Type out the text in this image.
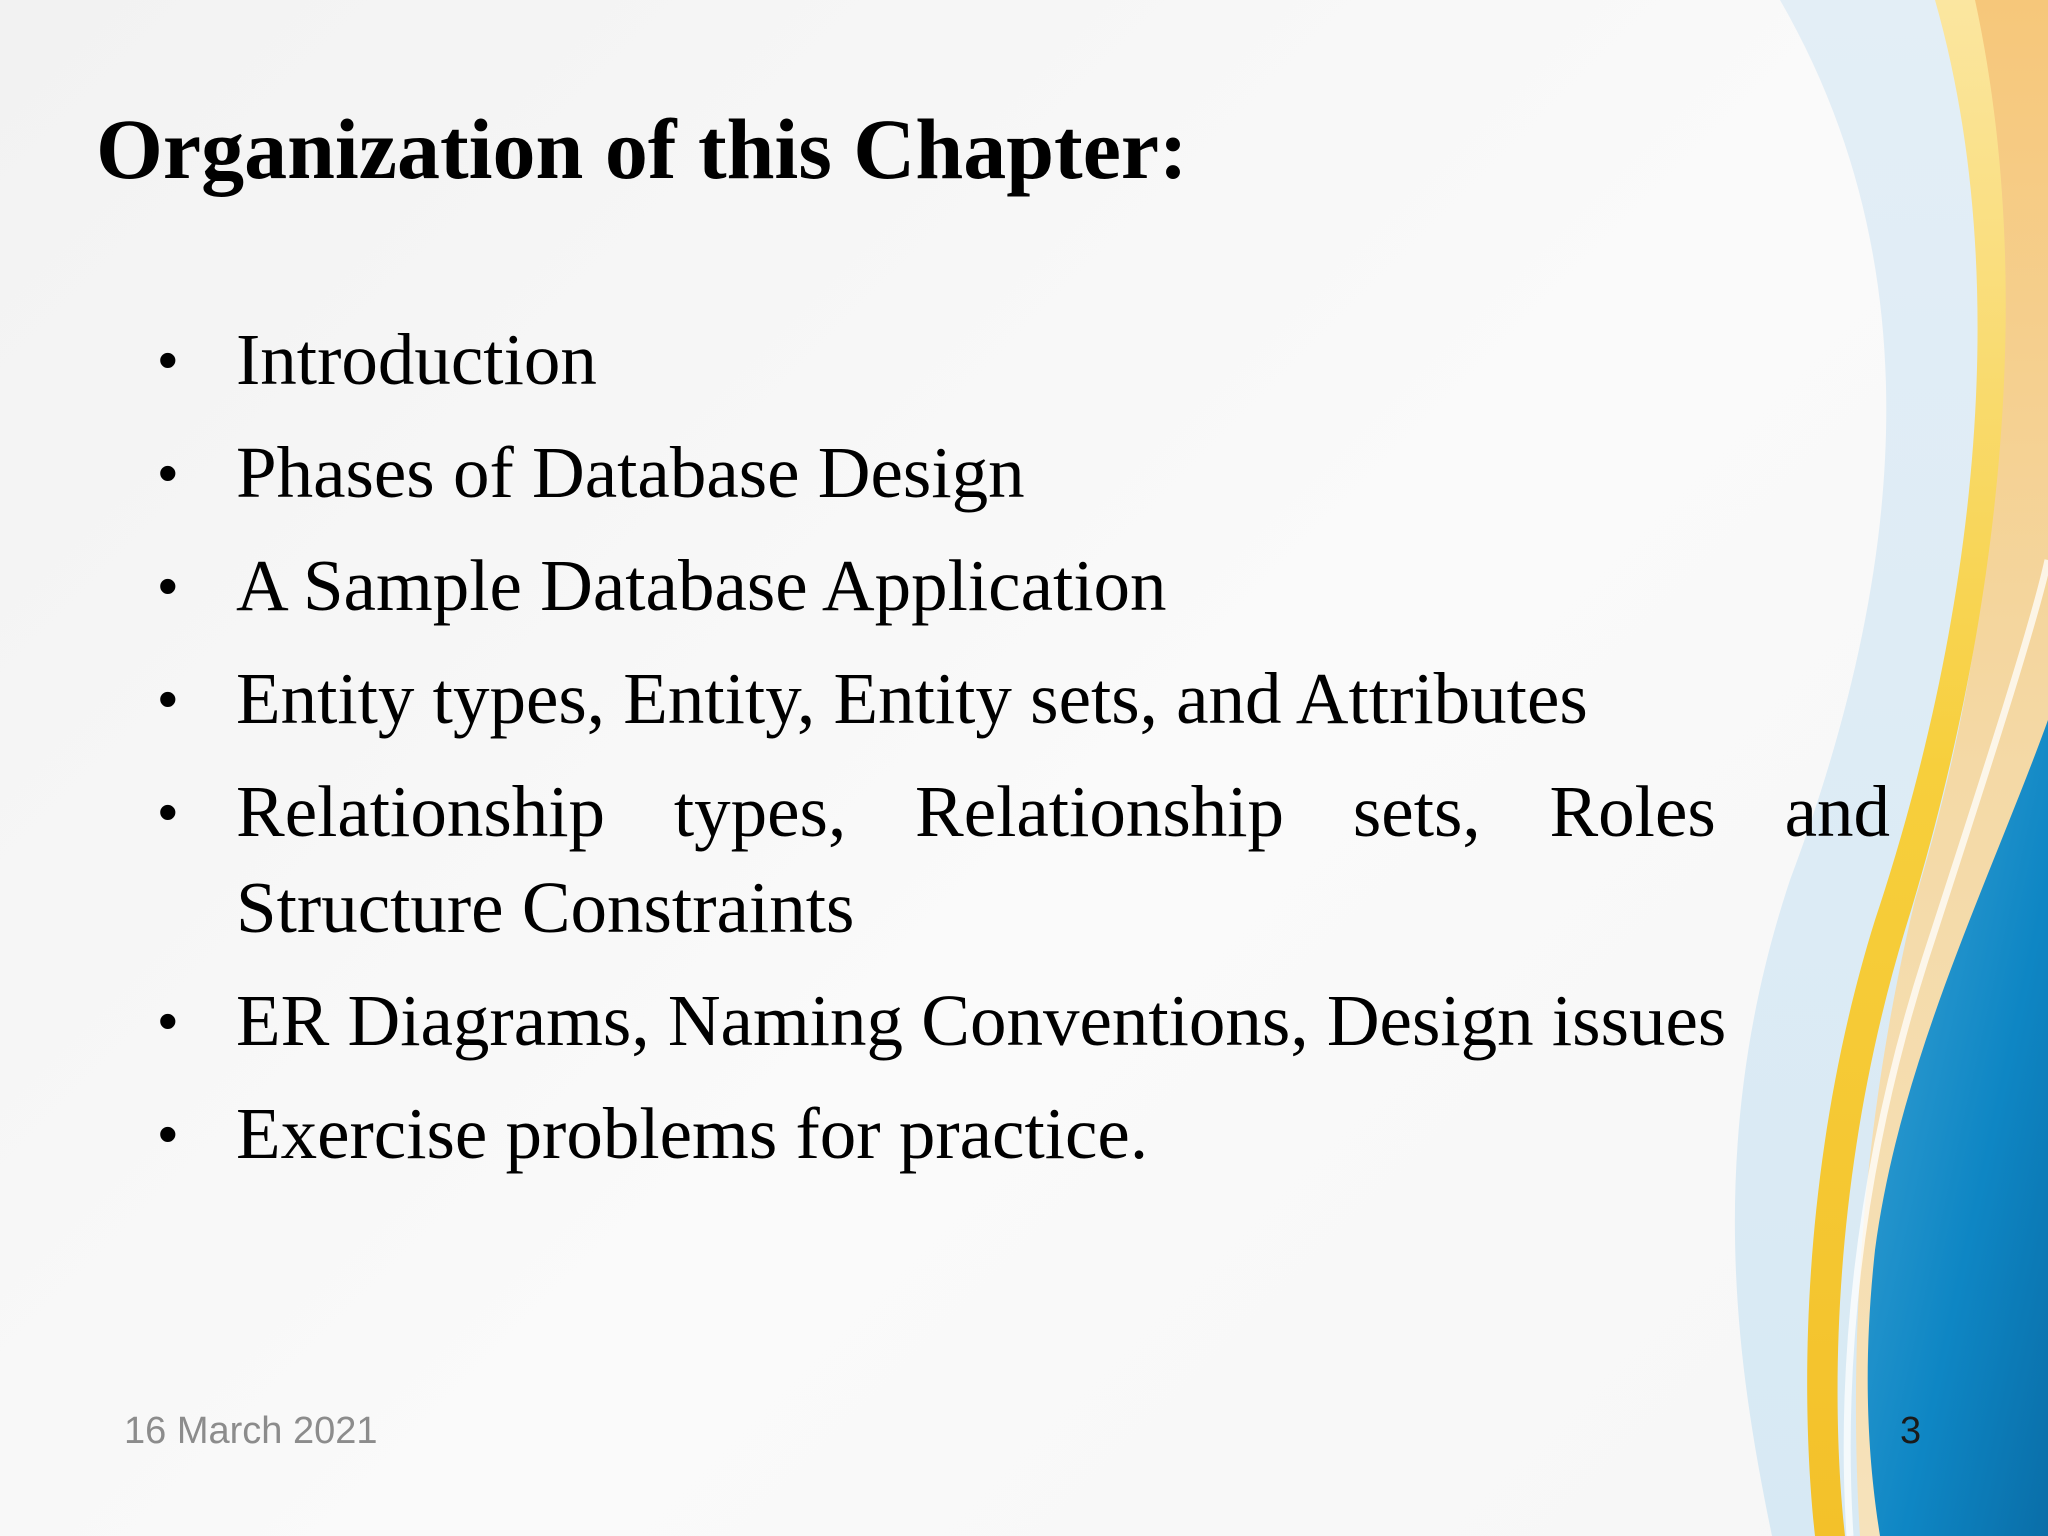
Organization of this Chapter:
• Introduction
• Phases of Database Design
• A Sample Database Application
• Entity types, Entity, Entity sets, and Attributes
• Relationship types, Relationship sets, Roles and Structure Constraints
• ER Diagrams, Naming Conventions, Design issues
• Exercise problems for practice.
16 March 2021	3
